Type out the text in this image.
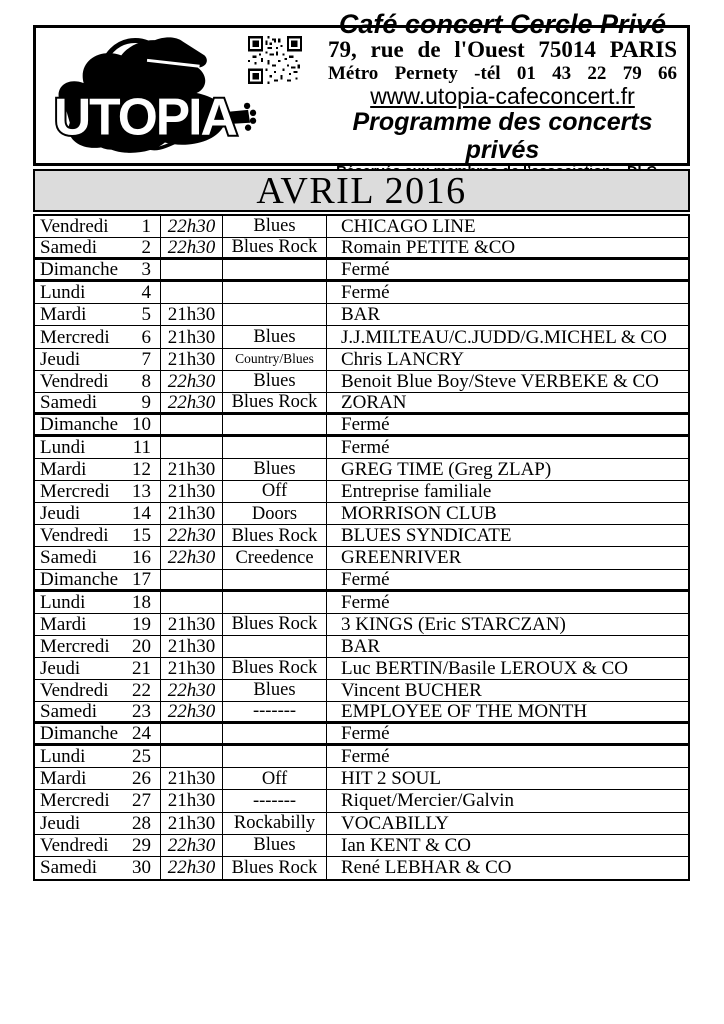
UTOPIA
Café concert Cercle Privé
79, rue de l'Ouest 75014 PARIS
Métro Pernety -tél 01 43 22 79 66
www.utopia-cafeconcert.fr
Programme des concerts privés
AVRIL 2016
Vendredi 1 22h30	Blues	CHICAGO LINE
Samedi 2 22h30 Blues Rock	Romain PETITE &CO
Dimanche 3	Fermé
Lundi	4	Fermé
Mardi	5 21h30	BAR
Mercredi 6 21h30	Blues	J.J.MILTEAU/C.JUDD/G.MICHEL & CO
Jeudi	7 21h30	Country/Blues	Chris LANCRY
Vendredi 8 22h30	Blues	Benoit Blue Boy/Steve VERBEKE & CO
Samedi 9 22h30 Blues Rock	ZORAN
Dimanche 10	Fermé
Lundi 11	Fermé
Mardi 12 21h30	Blues	GREG TIME (Greg ZLAP)
Mercredi 13 21h30	Off	Entreprise familiale
Jeudi	14 21h30	Doors	MORRISON CLUB
Vendredi 15 22h30 Blues Rock	BLUES SYNDICATE
Samedi 16 22h30	Creedence	GREENRIVER
Dimanche 17	Fermé
Lundi 18	Fermé
Mardi 19 21h30 Blues Rock	3 KINGS (Eric STARCZAN)
Mercredi 20 21h30	BAR
Jeudi	21 21h30 Blues Rock	Luc BERTIN/Basile LEROUX & CO
Vendredi 22 22h30	Blues	Vincent BUCHER
Samedi 23 22h30	-------	EMPLOYEE OF THE MONTH
Dimanche 24	Fermé
Lundi 25	Fermé
Mardi 26 21h30	Off	HIT 2 SOUL
Mercredi 27 21h30	-------	Riquet/Mercier/Galvin
Jeudi	28 21h30	Rockabilly	VOCABILLY
Vendredi 29 22h30	Blues	Ian KENT & CO
Samedi 30 22h30 Blues Rock	René LEBHAR & CO
